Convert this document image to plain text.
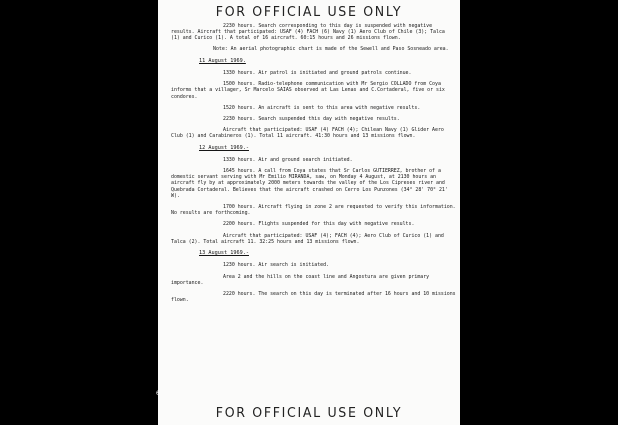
FOR OFFICIAL USE ONLY

2230 hours. Search corresponding to this day is suspended with negative results. Aircraft that participated: USAF (4) FACH (6) Navy (1) Aero Club of Chile (3); Talca (1) and Curico (1). A total of 16 aircraft. 60:15 hours and 26 missions flown.

Note: An aerial photographic chart is made of the Sewell and Paso Sosneado area.

11 August 1969.

1330 hours. Air patrol is initiated and ground patrols continue.

1500 hours. Radio-telephone communication with Mr Sergio COLLADO from Coya informs that a villager, Sr Marcelo SAIAS observed at Las Lenas and C.Cortaderal, five or six condores.

1520 hours. An aircraft is sent to this area with negative results.

2230 hours. Search suspended this day with negative results.

Aircraft that participated: USAF (4) FACH (4); Chilean Navy (1) Glider Aero Club (1) and Carabineros (1). Total 11 aircraft. 41:30 hours and 13 missions flown.

12 August 1969.-

1330 hours. Air and ground search initiated.

1645 hours. A call from Coya states that Sr Carlos GUTIERREZ, brother of a domestic servant serving with Mr Emilio MIRANDA, saw, on Monday 4 August, at 2130 hours an aircraft fly by at approximately 2000 meters towards the valley of the Los Cipreses river and Quebrada Cortaderal. Believes that the aircraft crashed on Cerro Los Punzones (34° 28' 70° 21' W).

1700 hours. Aircraft flying in zone 2 are requested to verify this information. No results are forthcoming.

2200 hours. Flights suspended for this day with negative results.

Aircraft that participated: USAF (4); FACH (4); Aero Club of Curico (1) and Talca (2). Total aircraft 11. 32:25 hours and 13 missions flown.

13 August 1969.-

1230 hours. Air search is initiated.

Area 2 and the hills on the coast line and Angostura are given primary importance.

2220 hours. The search on this day is terminated after 16 hours and 10 missions flown.

FOR OFFICIAL USE ONLY
6
